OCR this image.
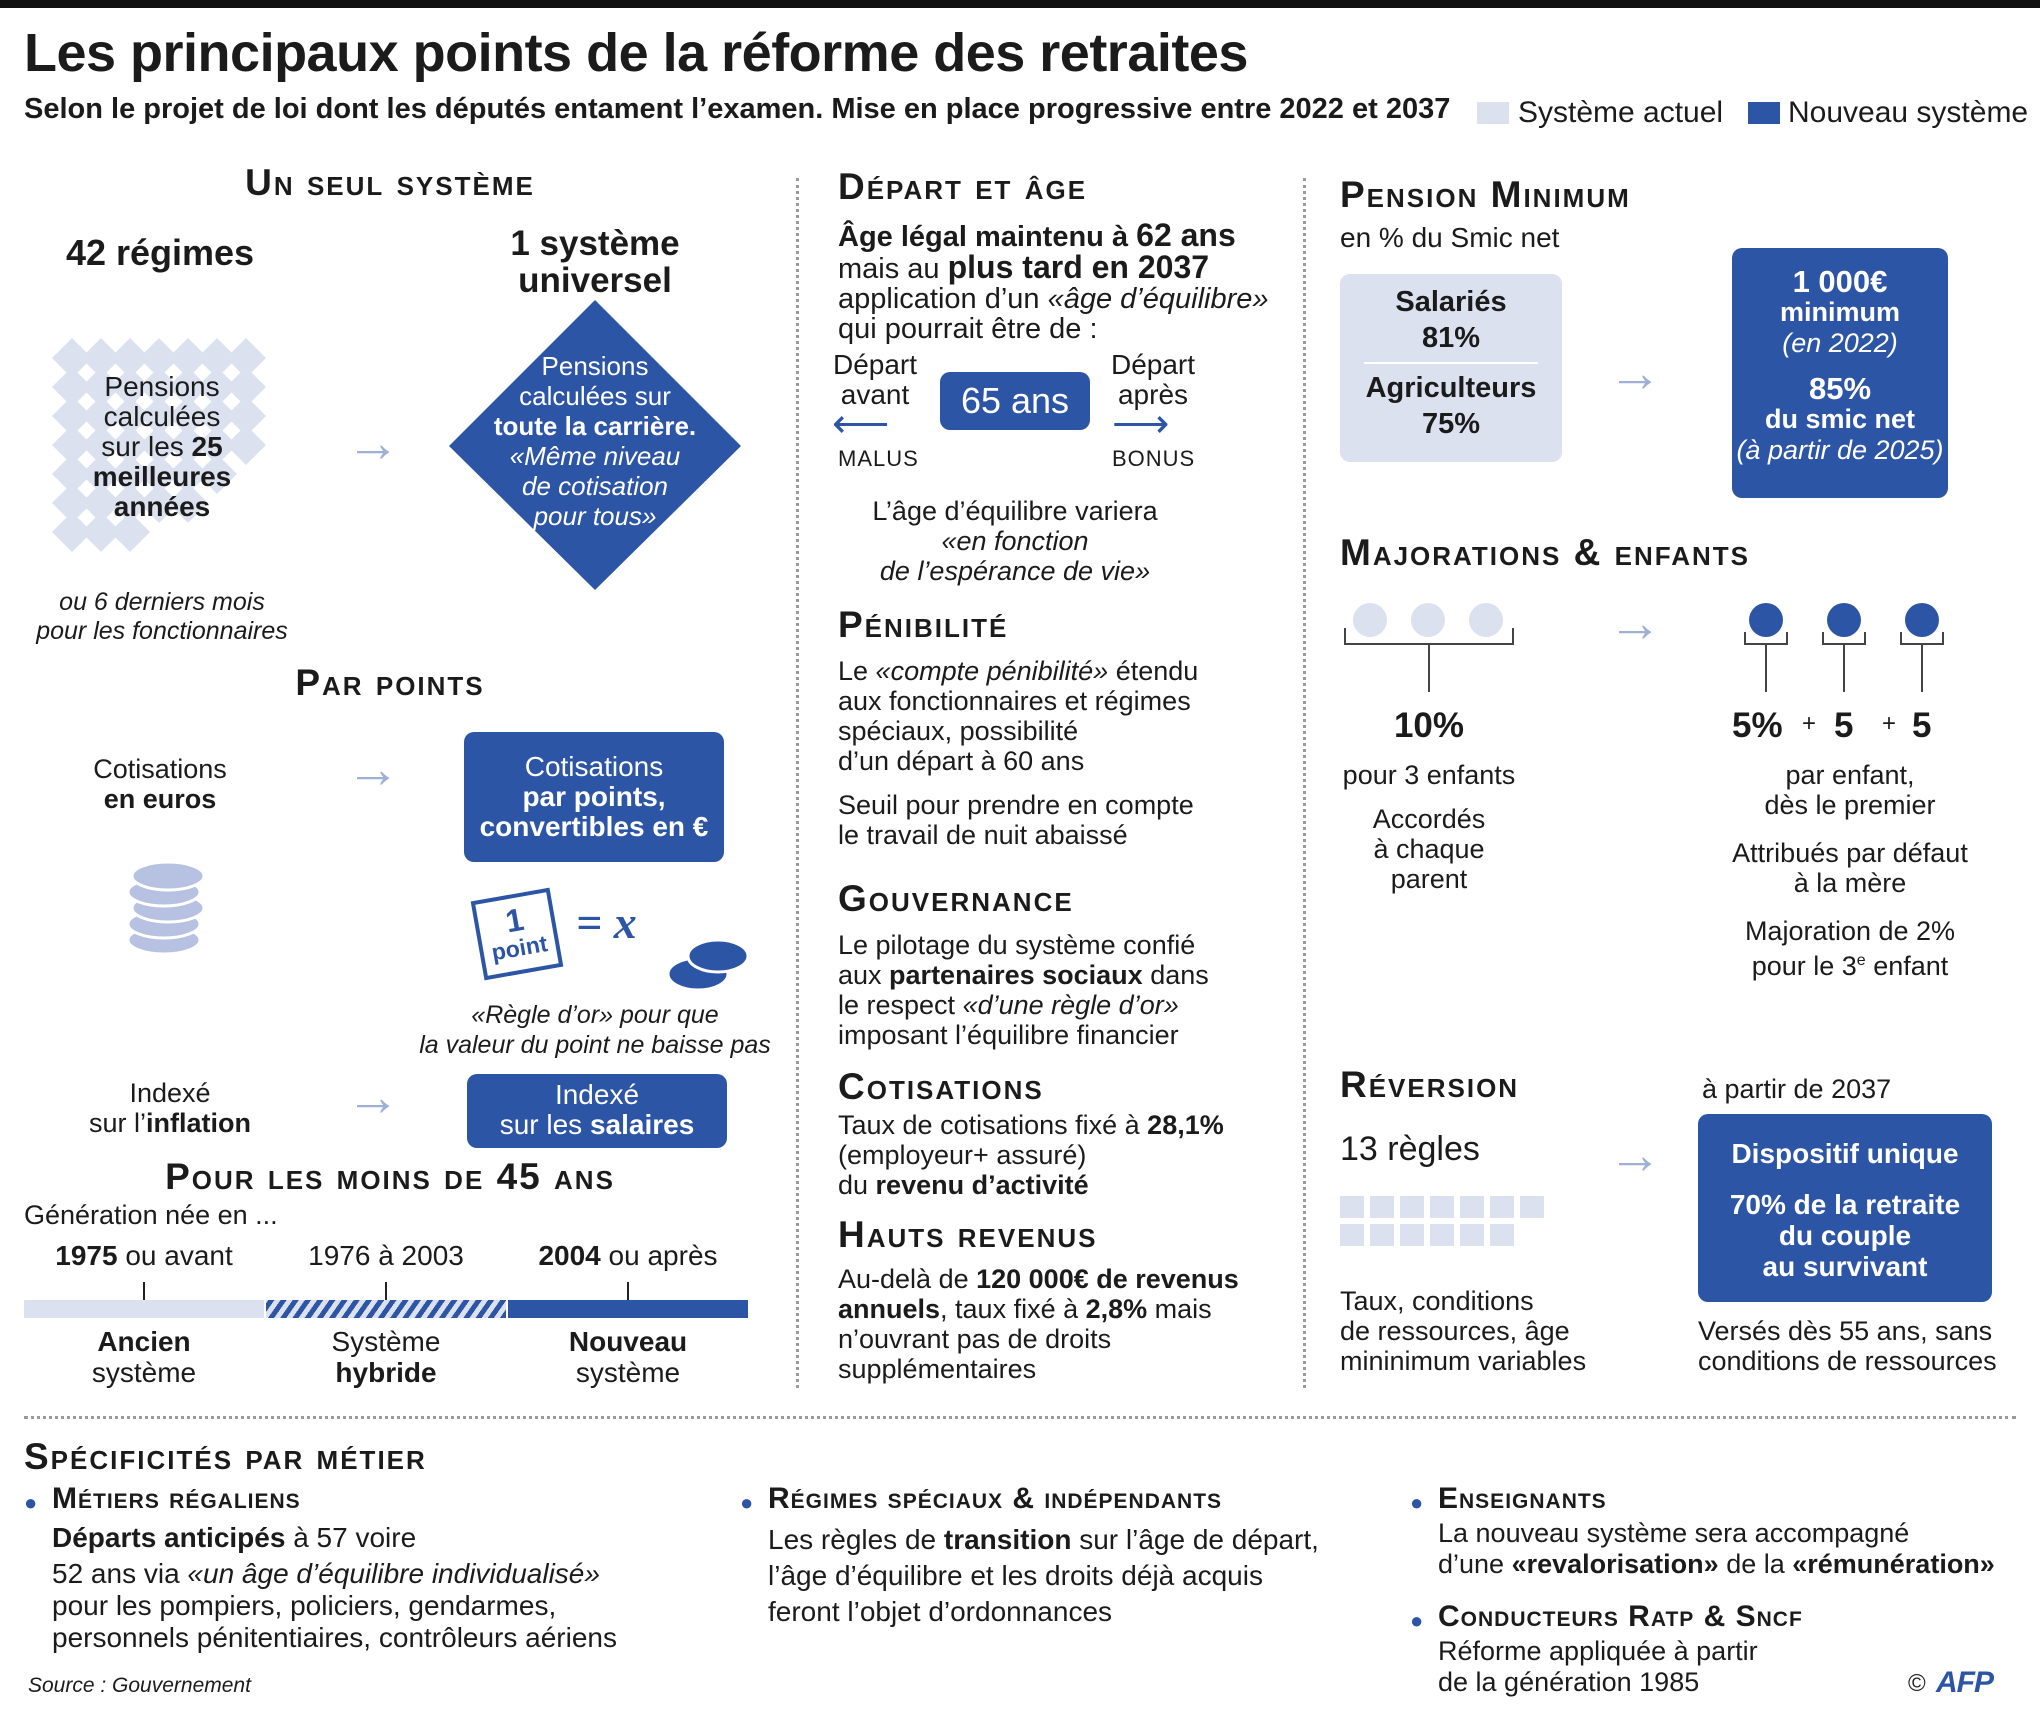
Les principaux points de la réforme des retraites
Selon le projet de loi dont les députés entament l’examen. Mise en place progressive entre 2022 et 2037 Système actuel Nouveau système
Un seul système
42 régimes	1 système
universel
Pensions
calculées
sur les 25
meilleures
années
ou 6 derniers mois
pour les fonctionnaires
→
Pensions
calculées sur
toute la carrière.
«Même niveau
de cotisation
pour tous»
Par points
Cotisations
en euros	→	Cotisations
par points,
convertibles en €
1
point = x
«Règle d’or» pour que
la valeur du point ne baisse pas
Indexé
sur l’inflation	→	Indexé
sur les salaires
Pour les moins de 45 ans
Génération née en ...
1975 ou avant	1976 à 2003	2004 ou après
Ancien
système
Système
hybride
Nouveau
système
Départ et âge
Âge légal maintenu à 62 ans
mais au plus tard en 2037
application d’un «âge d’équilibre»
qui pourrait être de :
Départ
avant
Départ
après
65 ans
⟵	⟶
MALUS	BONUS
L’âge d’équilibre variera
«en fonction
de l’espérance de vie»
Pénibilité
Le «compte pénibilité» étendu
aux fonctionnaires et régimes
spéciaux, possibilité
d’un départ à 60 ans
Seuil pour prendre en compte
le travail de nuit abaissé
Gouvernance
Le pilotage du système confié
aux partenaires sociaux dans
le respect «d’une règle d’or»
imposant l’équilibre financier
Cotisations
Taux de cotisations fixé à 28,1%
(employeur+ assuré)
du revenu d’activité
Hauts revenus
Au-delà de 120 000€ de revenus
annuels, taux fixé à 2,8% mais
n’ouvrant pas de droits
supplémentaires
Pension Minimum
en % du Smic net
Salariés
81%
Agriculteurs
75%
→
1 000€
minimum
(en 2022)
85%
du smic net
(à partir de 2025)
Majorations & enfants
→
10%
pour 3 enfants
Accordés
à chaque
parent
5% + 5 + 5
par enfant,
dès le premier
Attribués par défaut
à la mère
Majoration de 2%
pour le 3e enfant
Réversion
13 règles
à partir de 2037
→	Dispositif unique
70% de la retraite
du couple
au survivant
Taux, conditions
de ressources, âge
mininimum variables
Versés dès 55 ans, sans
conditions de ressources
Spécificités par métier
● Métiers régaliens
Départs anticipés à 57 voire
52 ans via «un âge d’équilibre individualisé»
pour les pompiers, policiers, gendarmes,
personnels pénitentiaires, contrôleurs aériens
● Régimes spéciaux & indépendants
Les règles de transition sur l’âge de départ,
l’âge d’équilibre et les droits déjà acquis
feront l’objet d’ordonnances
● Enseignants
La nouveau système sera accompagné
d’une «revalorisation» de la «rémunération»
● Conducteurs Ratp & Sncf
Réforme appliquée à partir
de la génération 1985
Source : Gouvernement	© AFP
